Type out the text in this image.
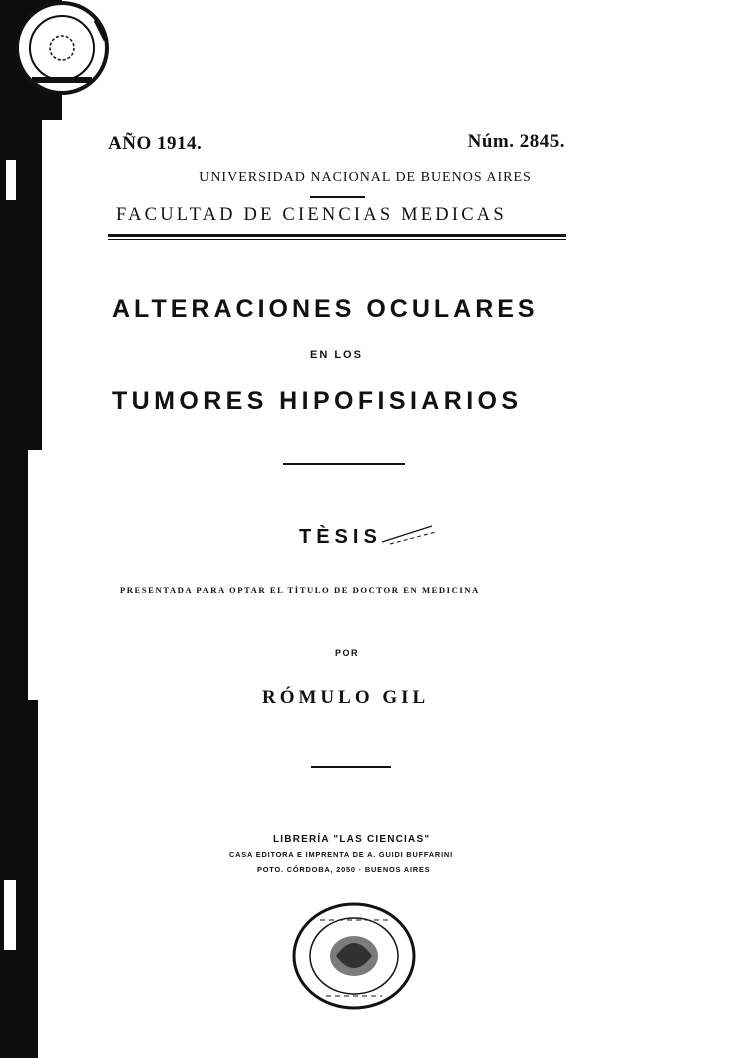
AÑO 1914.	Núm. 2845.
UNIVERSIDAD NACIONAL DE BUENOS AIRES
FACULTAD DE CIENCIAS MEDICAS
ALTERACIONES OCULARES
EN LOS
TUMORES HIPOFISIARIOS
TÈSIS
PRESENTADA PARA OPTAR EL TÍTULO DE DOCTOR EN MEDICINA
POR
RÓMULO GIL
LIBRERÍA "LAS CIENCIAS"
CASA EDITORA E IMPRENTA DE A. GUIDI BUFFARINI
POTO. CÓRDOBA, 2050 · BUENOS AIRES
